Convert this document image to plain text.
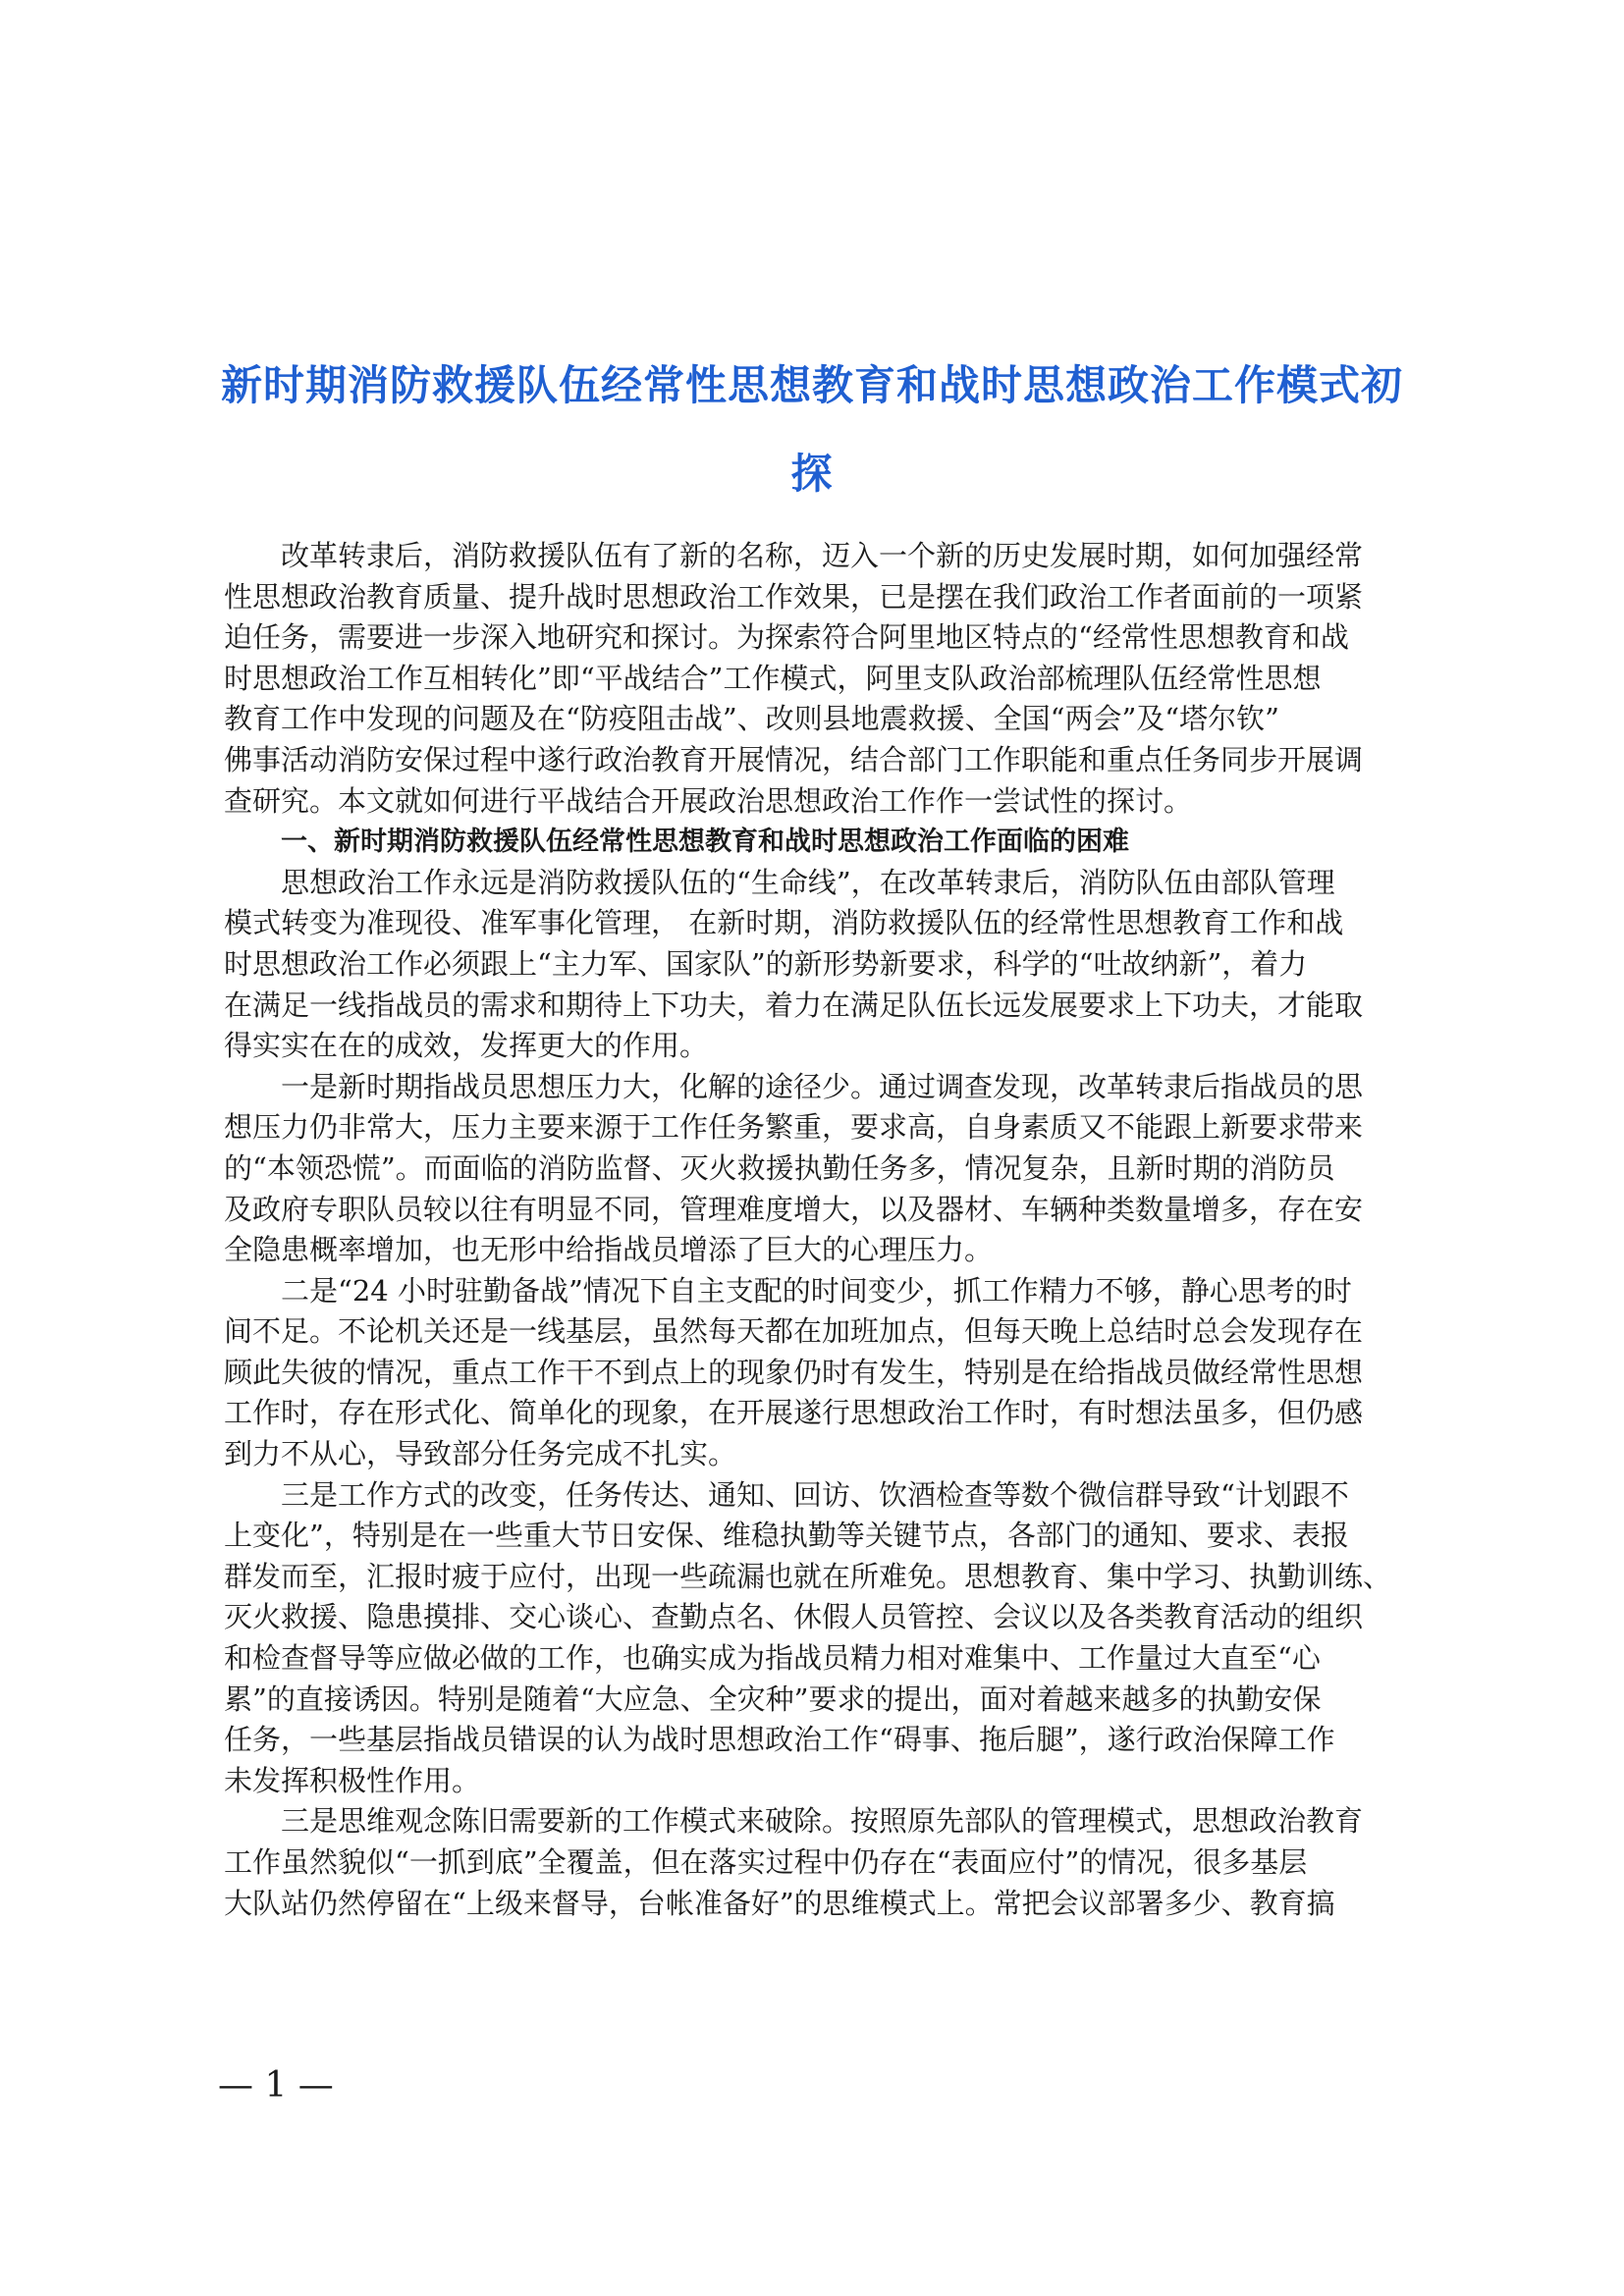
新时期消防救援队伍经常性思想教育和战时思想政治工作模式初
探
改革转隶后，消防救援队伍有了新的名称，迈入一个新的历史发展时期，如何加强经常
性思想政治教育质量、提升战时思想政治工作效果，已是摆在我们政治工作者面前的一项紧
迫任务，需要进一步深入地研究和探讨。为探索符合阿里地区特点的“经常性思想教育和战
时思想政治工作互相转化”即“平战结合”工作模式，阿里支队政治部梳理队伍经常性思想
教育工作中发现的问题及在“防疫阻击战”、改则县地震救援、全国“两会”及“塔尔钦”
佛事活动消防安保过程中遂行政治教育开展情况，结合部门工作职能和重点任务同步开展调
查研究。本文就如何进行平战结合开展政治思想政治工作作一尝试性的探讨。
一、新时期消防救援队伍经常性思想教育和战时思想政治工作面临的困难
思想政治工作永远是消防救援队伍的“生命线”，在改革转隶后，消防队伍由部队管理
模式转变为准现役、准军事化管理， 在新时期，消防救援队伍的经常性思想教育工作和战
时思想政治工作必须跟上“主力军、国家队”的新形势新要求，科学的“吐故纳新”，着力
在满足一线指战员的需求和期待上下功夫，着力在满足队伍长远发展要求上下功夫，才能取
得实实在在的成效，发挥更大的作用。
一是新时期指战员思想压力大，化解的途径少。通过调查发现，改革转隶后指战员的思
想压力仍非常大，压力主要来源于工作任务繁重，要求高，自身素质又不能跟上新要求带来
的“本领恐慌”。而面临的消防监督、灭火救援执勤任务多，情况复杂，且新时期的消防员
及政府专职队员较以往有明显不同，管理难度增大，以及器材、车辆种类数量增多，存在安
全隐患概率增加，也无形中给指战员增添了巨大的心理压力。
二是“24 小时驻勤备战”情况下自主支配的时间变少，抓工作精力不够，静心思考的时
间不足。不论机关还是一线基层，虽然每天都在加班加点，但每天晚上总结时总会发现存在
顾此失彼的情况，重点工作干不到点上的现象仍时有发生，特别是在给指战员做经常性思想
工作时，存在形式化、简单化的现象，在开展遂行思想政治工作时，有时想法虽多，但仍感
到力不从心，导致部分任务完成不扎实。
三是工作方式的改变，任务传达、通知、回访、饮酒检查等数个微信群导致“计划跟不
上变化”，特别是在一些重大节日安保、维稳执勤等关键节点，各部门的通知、要求、表报
群发而至，汇报时疲于应付，出现一些疏漏也就在所难免。思想教育、集中学习、执勤训练、
灭火救援、隐患摸排、交心谈心、查勤点名、休假人员管控、会议以及各类教育活动的组织
和检查督导等应做必做的工作，也确实成为指战员精力相对难集中、工作量过大直至“心
累”的直接诱因。特别是随着“大应急、全灾种”要求的提出，面对着越来越多的执勤安保
任务，一些基层指战员错误的认为战时思想政治工作“碍事、拖后腿”，遂行政治保障工作
未发挥积极性作用。
三是思维观念陈旧需要新的工作模式来破除。按照原先部队的管理模式，思想政治教育
工作虽然貌似“一抓到底”全覆盖，但在落实过程中仍存在“表面应付”的情况，很多基层
大队站仍然停留在“上级来督导，台帐准备好”的思维模式上。常把会议部署多少、教育搞
— 1 —
